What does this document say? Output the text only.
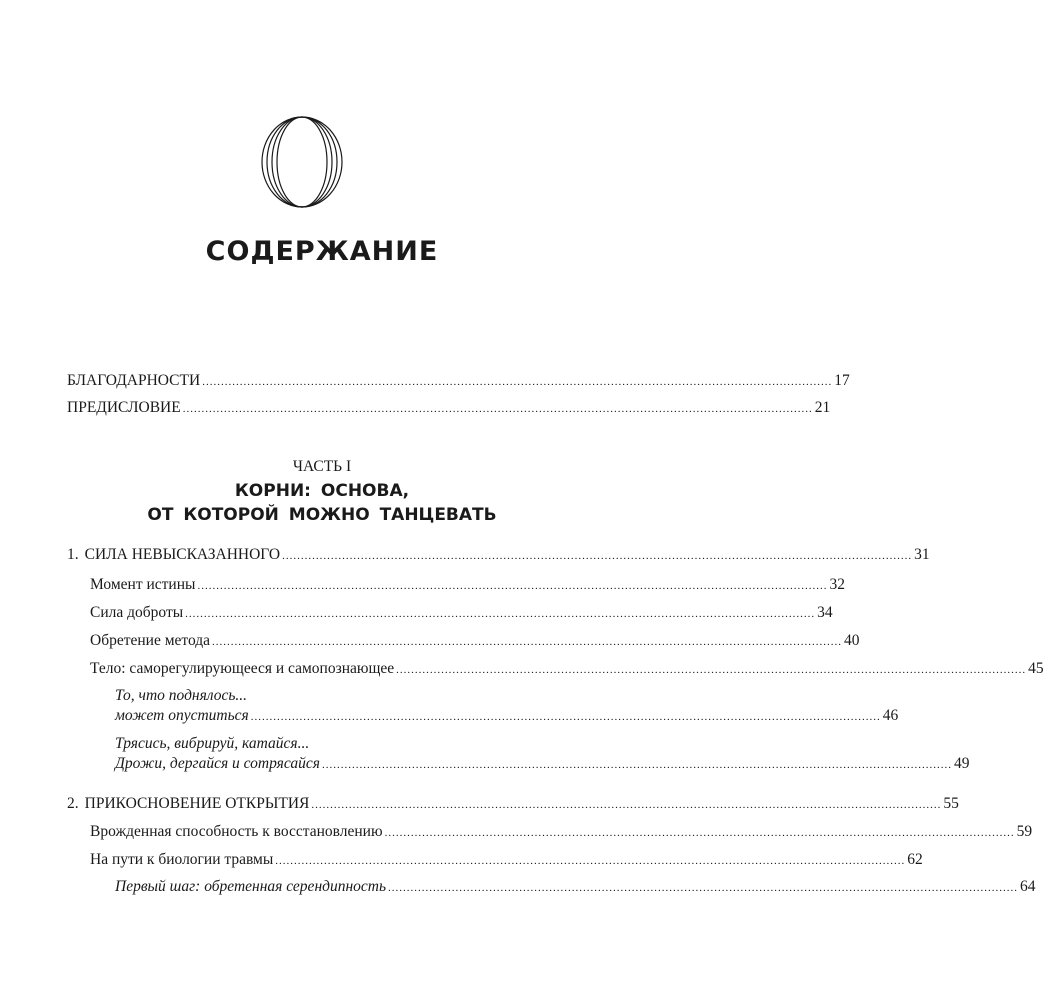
СОДЕРЖАНИЕ
БЛАГОДАРНОСТИ ........................................................................................................................................................................ 17
ПРЕДИСЛОВИЕ ........................................................................................................................................................................ 21
ЧАСТЬ I
КОРНИ: ОСНОВА,
ОТ КОТОРОЙ МОЖНО ТАНЦЕВАТЬ
1. СИЛА НЕВЫСКАЗАННОГО ........................................................................................................................................................................ 31
Момент истины ........................................................................................................................................................................ 32
Сила доброты ........................................................................................................................................................................ 34
Обретение метода ........................................................................................................................................................................ 40
Тело: саморегулирующееся и самопознающее ........................................................................................................................................................................ 45
То, что поднялось...
может опуститься ........................................................................................................................................................................ 46
Трясись, вибрируй, катайся...
Дрожи, дергайся и сотрясайся ........................................................................................................................................................................ 49
2. ПРИКОСНОВЕНИЕ ОТКРЫТИЯ ........................................................................................................................................................................ 55
Врожденная способность к восстановлению ........................................................................................................................................................................ 59
На пути к биологии травмы ........................................................................................................................................................................ 62
Первый шаг: обретенная серендипность ........................................................................................................................................................................ 64
